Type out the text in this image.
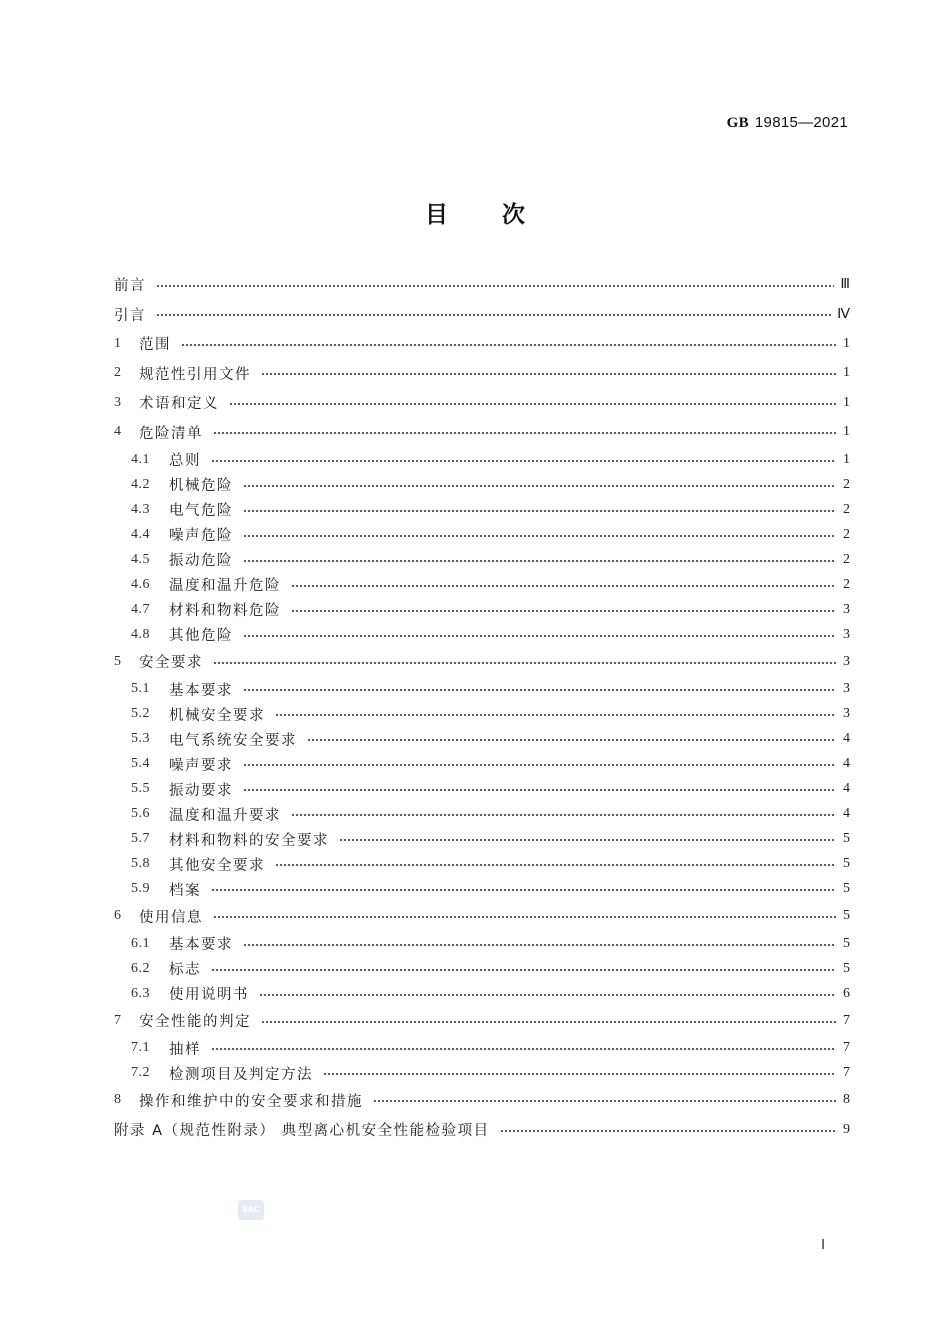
GB 19815—2021
目 次
前言	Ⅲ
引言	Ⅳ
1	范围	1
2	规范性引用文件	1
3	术语和定义	1
4	危险清单	1
4.1	总则	1
4.2	机械危险	2
4.3	电气危险	2
4.4	噪声危险	2
4.5	振动危险	2
4.6	温度和温升危险	2
4.7	材料和物料危险	3
4.8	其他危险	3
5	安全要求	3
5.1	基本要求	3
5.2	机械安全要求	3
5.3	电气系统安全要求	4
5.4	噪声要求	4
5.5	振动要求	4
5.6	温度和温升要求	4
5.7	材料和物料的安全要求	5
5.8	其他安全要求	5
5.9	档案	5
6	使用信息	5
6.1	基本要求	5
6.2	标志	5
6.3	使用说明书	6
7	安全性能的判定	7
7.1	抽样	7
7.2	检测项目及判定方法	7
8	操作和维护中的安全要求和措施	8
附录 A（规范性附录） 典型离心机安全性能检验项目	9
SAC
Ⅰ
